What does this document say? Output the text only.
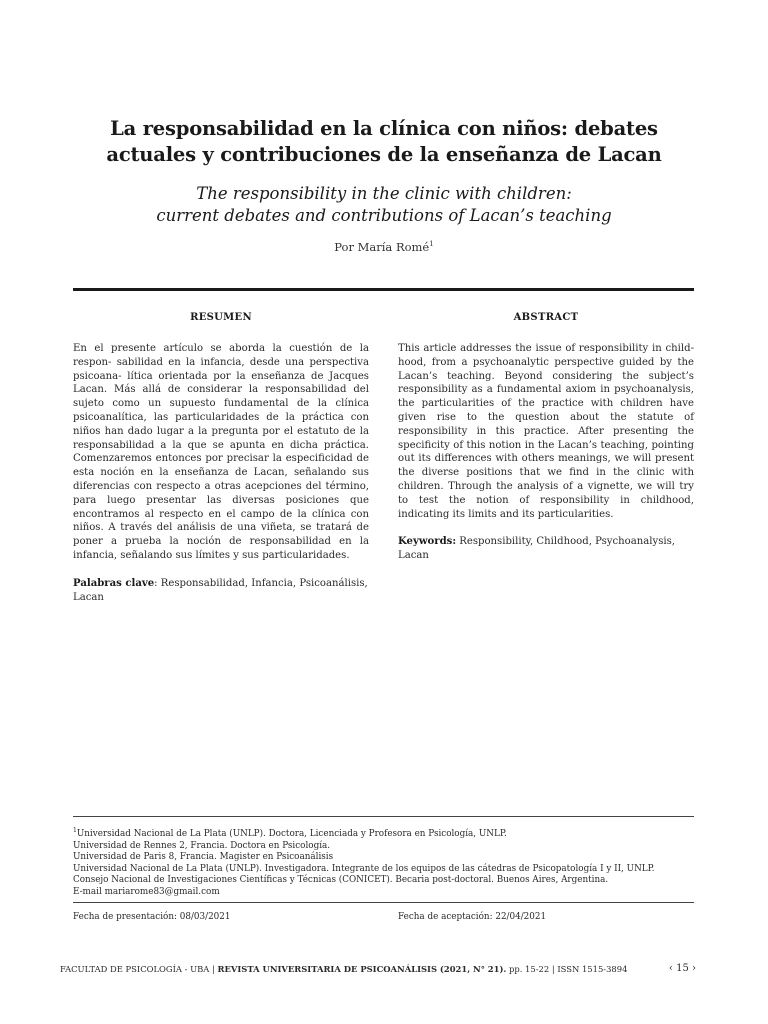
La responsabilidad en la clínica con niños: debates
actuales y contribuciones de la enseñanza de Lacan
The responsibility in the clinic with children:
current debates and contributions of Lacan’s teaching
Por María Romé$^1$
RESUMEN

En el presente artículo se aborda la cuestión de la respon- sabilidad en la infancia, desde una perspectiva psicoana- lítica orientada por la enseñanza de Jacques Lacan. Más allá de considerar la responsabilidad del sujeto como un supuesto fundamental de la clínica psicoanalítica, las particularidades de la práctica con niños han dado lugar a la pregunta por el estatuto de la responsabilidad a la que se apunta en dicha práctica. Comenzaremos entonces por precisar la especificidad de esta noción en la enseñanza de Lacan, señalando sus diferencias con respecto a otras acepciones del término, para luego presentar las diversas posiciones que encontramos al respecto en el campo de la clínica con niños. A través del análisis de una viñeta, se tratará de poner a prueba la noción de responsabilidad en la infancia, señalando sus límites y sus particularidades.

Palabras clave: Responsabilidad, Infancia, Psicoanálisis,
Lacan

ABSTRACT

This article addresses the issue of responsibility in child- hood, from a psychoanalytic perspective guided by the Lacan’s teaching. Beyond considering the subject’s responsibility as a fundamental axiom in psychoanalysis, the particularities of the practice with children have given rise to the question about the statute of responsibility in this practice. After presenting the specificity of this notion in the Lacan’s teaching, pointing out its differences with others meanings, we will present the diverse positions that we find in the clinic with children. Through the analysis of a vignette, we will try to test the notion of responsibility in childhood, indicating its limits and its particularities.

Keywords: Responsibility, Childhood, Psychoanalysis,
Lacan

$^1$Universidad Nacional de La Plata (UNLP). Doctora, Licenciada y Profesora en Psicología, UNLP.
Universidad de Rennes 2, Francia. Doctora en Psicología.
Universidad de Paris 8, Francia. Magister en Psicoanálisis
Universidad Nacional de La Plata (UNLP). Investigadora. Integrante de los equipos de las cátedras de Psicopatología I y II, UNLP.
Consejo Nacional de Investigaciones Científicas y Técnicas (CONICET). Becaria post-doctoral. Buenos Aires, Argentina.
E-mail mariarome83@gmail.com
Fecha de presentación: 08/03/2021	Fecha de aceptación: 22/04/2021
FACULTAD DE PSICOLOGÍA - UBA | REVISTA UNIVERSITARIA DE PSICOANÁLISIS (2021, N° 21). pp. 15-22 | ISSN 1515-3894	‹ 15 ›
